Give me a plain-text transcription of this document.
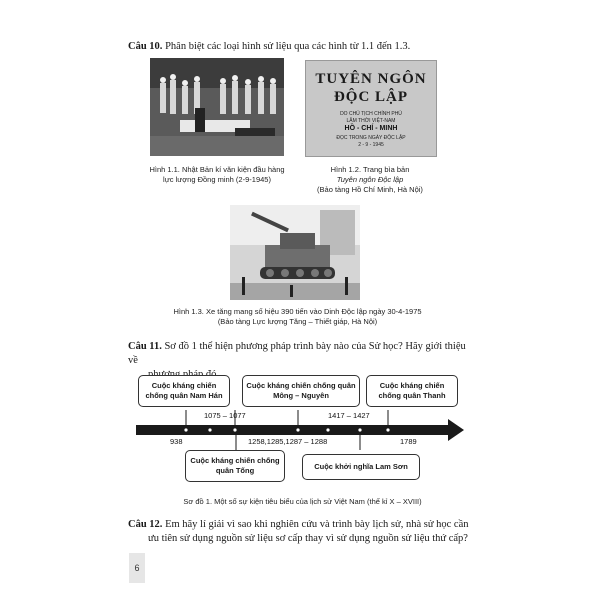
Câu 10. Phân biệt các loại hình sử liệu qua các hình từ 1.1 đến 1.3.
Hình 1.1. Nhật Bản kí văn kiện đầu hàng
lực lượng Đồng minh (2-9-1945)
TUYÊN NGÔN
ĐỘC LẬP
DO CHỦ TỊCH CHÍNH PHỦ
LÂM THỜI VIỆT-NAM
HỒ - CHÍ - MINH
ĐỌC TRONG NGÀY ĐỘC LẬP
2 - 9 - 1945
Hình 1.2. Trang bìa bản
Tuyên ngôn Độc lập
(Bảo tàng Hồ Chí Minh, Hà Nội)
Hình 1.3. Xe tăng mang số hiệu 390 tiến vào Dinh Độc lập ngày 30-4-1975
(Bảo tàng Lực lượng Tăng – Thiết giáp, Hà Nội)
Câu 11. Sơ đồ 1 thể hiện phương pháp trình bày nào của Sử học? Hãy giới thiệu về
Cuộc kháng chiến chống quân Nam Hán
Cuộc kháng chiến chống quân Mông – Nguyên
Cuộc kháng chiến chống quân Thanh
1075 – 1077	1417 – 1427
938	1258,1285,1287 – 1288	1789
Cuộc kháng chiến chống quân Tống	Cuộc khởi nghĩa Lam Sơn
Sơ đồ 1. Một số sự kiện tiêu biểu của lịch sử Việt Nam (thế kỉ X – XVIII)
Câu 12. Em hãy lí giải vì sao khi nghiên cứu và trình bày lịch sử, nhà sử học cần
ưu tiên sử dụng nguồn sử liệu sơ cấp thay vì sử dụng nguồn sử liệu thứ cấp?
6
